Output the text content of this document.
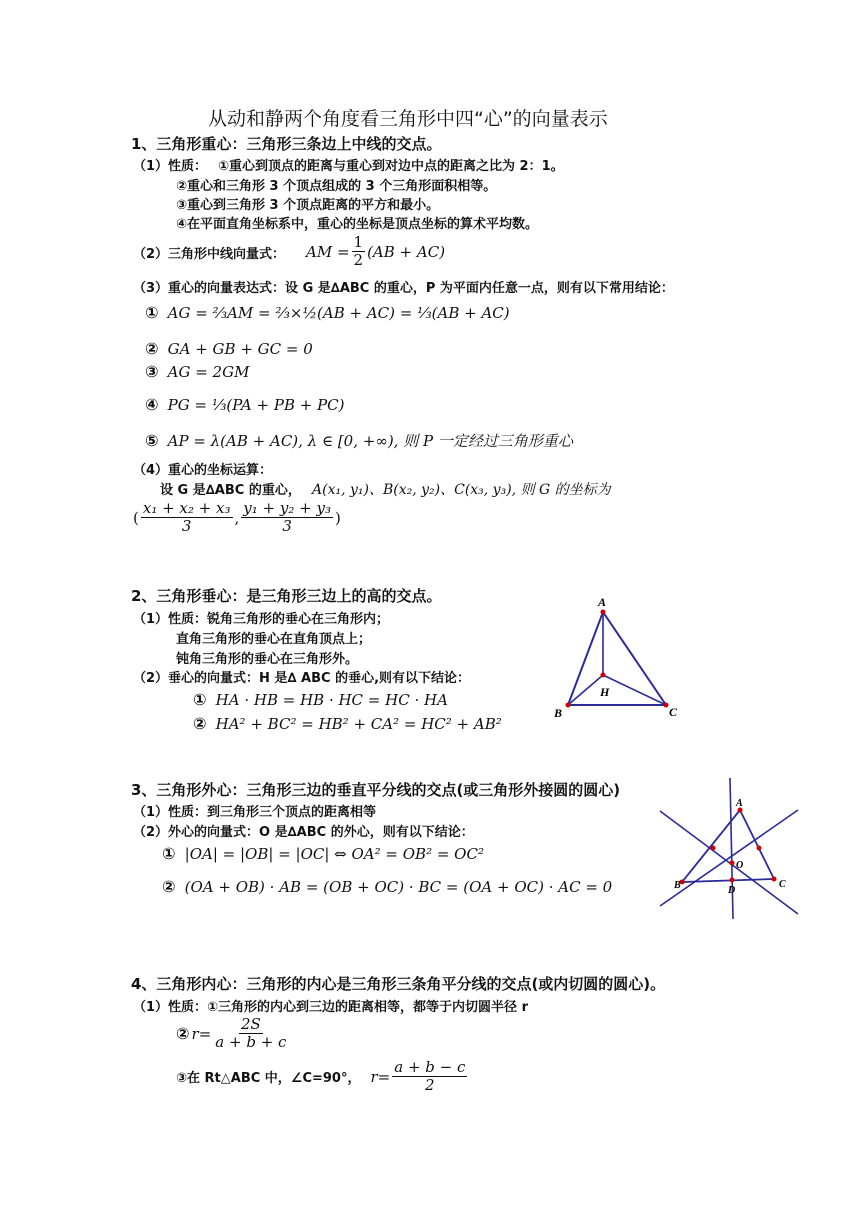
从动和静两个角度看三角形中四“心”的向量表示
1、三角形重心：三角形三条边上中线的交点。
（1）性质： ①重心到顶点的距离与重心到对边中点的距离之比为 2：1。
②重心和三角形 3 个顶点组成的 3 个三角形面积相等。
③重心到三角形 3 个顶点距离的平方和最小。
④在平面直角坐标系中，重心的坐标是顶点坐标的算术平均数。
（2）三角形中线向量式： AM = $\frac{1}{2} (AB + AC)$
（3）重心的向量表达式：设 G 是∆ABC 的重心，P 为平面内任意一点，则有以下常用结论：
① AG = ⅔AM = ⅔×½(AB + AC) = ⅓(AB + AC)
② GA + GB + GC = 0
③ AG = 2GM
④ PG = ⅓(PA + PB + PC)
⑤ AP = λ(AB + AC), λ ∈ [0, +∞), 则 P 一定经过三角形重心
（4）重心的坐标运算：
设 G 是∆ABC 的重心， A(x₁, y₁)、B(x₂, y₂)、C(x₃, y₃), 则 G 的坐标为
( $\frac{\text{x₁ + x₂ + x₃}}{3}$ , $\frac{\text{y₁ + y₂ + y₃}}{3}$ )
2、三角形垂心：是三角形三边上的高的交点。
（1）性质：锐角三角形的垂心在三角形内；
直角三角形的垂心在直角顶点上；
钝角三角形的垂心在三角形外。
（2）垂心的向量式：H 是∆ ABC 的垂心,则有以下结论：
① HA · HB = HB · HC = HC · HA
② HA² + BC² = HB² + CA² = HC² + AB²
A
B	C
H
3、三角形外心：三角形三边的垂直平分线的交点(或三角形外接圆的圆心)
（1）性质：到三角形三个顶点的距离相等
（2）外心的向量式：O 是∆ABC 的外心，则有以下结论：
① |OA| = |OB| = |OC| ⇔ OA² = OB² = OC²
② (OA + OB) · AB = (OB + OC) · BC = (OA + OC) · AC = 0
A
B	C
O
D
4、三角形内心：三角形的内心是三角形三条角平分线的交点(或内切圆的圆心)。
（1）性质：①三角形的内心到三边的距离相等，都等于内切圆半径 r
② $r= \frac{2S}{a + b + c}$
③在 Rt△ABC 中，∠C=90°， $r= \frac{a + b - c}{2}$
